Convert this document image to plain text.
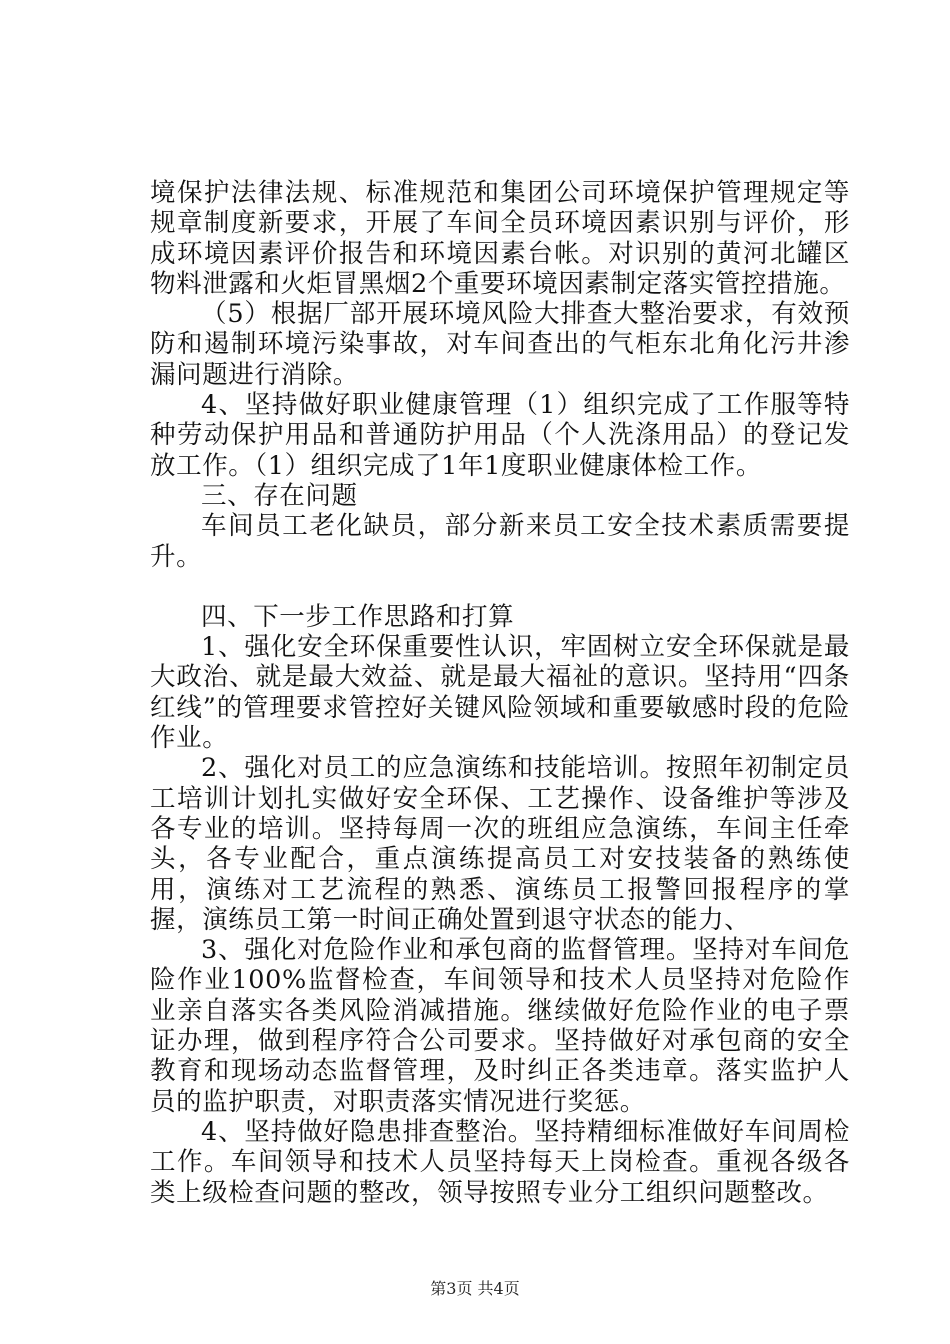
境保护法律法规、标准规范和集团公司环境保护管理规定等规章制度新要求，开展了车间全员环境因素识别与评价，形成环境因素评价报告和环境因素台帐。对识别的黄河北罐区物料泄露和火炬冒黑烟2个重要环境因素制定落实管控措施。

（5）根据厂部开展环境风险大排查大整治要求，有效预防和遏制环境污染事故，对车间查出的气柜东北角化污井渗漏问题进行消除。

4、坚持做好职业健康管理（1）组织完成了工作服等特种劳动保护用品和普通防护用品（个人洗涤用品）的登记发放工作。（1）组织完成了1年1度职业健康体检工作。

三、存在问题

车间员工老化缺员，部分新来员工安全技术素质需要提升。

四、下一步工作思路和打算

1、强化安全环保重要性认识，牢固树立安全环保就是最大政治、就是最大效益、就是最大福祉的意识。坚持用“四条红线”的管理要求管控好关键风险领域和重要敏感时段的危险作业。

2、强化对员工的应急演练和技能培训。按照年初制定员工培训计划扎实做好安全环保、工艺操作、设备维护等涉及各专业的培训。坚持每周一次的班组应急演练，车间主任牵头，各专业配合，重点演练提高员工对安技装备的熟练使用，演练对工艺流程的熟悉、演练员工报警回报程序的掌握，演练员工第一时间正确处置到退守状态的能力、

3、强化对危险作业和承包商的监督管理。坚持对车间危险作业100%监督检查，车间领导和技术人员坚持对危险作业亲自落实各类风险消减措施。继续做好危险作业的电子票证办理，做到程序符合公司要求。坚持做好对承包商的安全教育和现场动态监督管理，及时纠正各类违章。落实监护人员的监护职责，对职责落实情况进行奖惩。

4、坚持做好隐患排查整治。坚持精细标准做好车间周检工作。车间领导和技术人员坚持每天上岗检查。重视各级各类上级检查问题的整改，领导按照专业分工组织问题整改。

第3页 共4页
